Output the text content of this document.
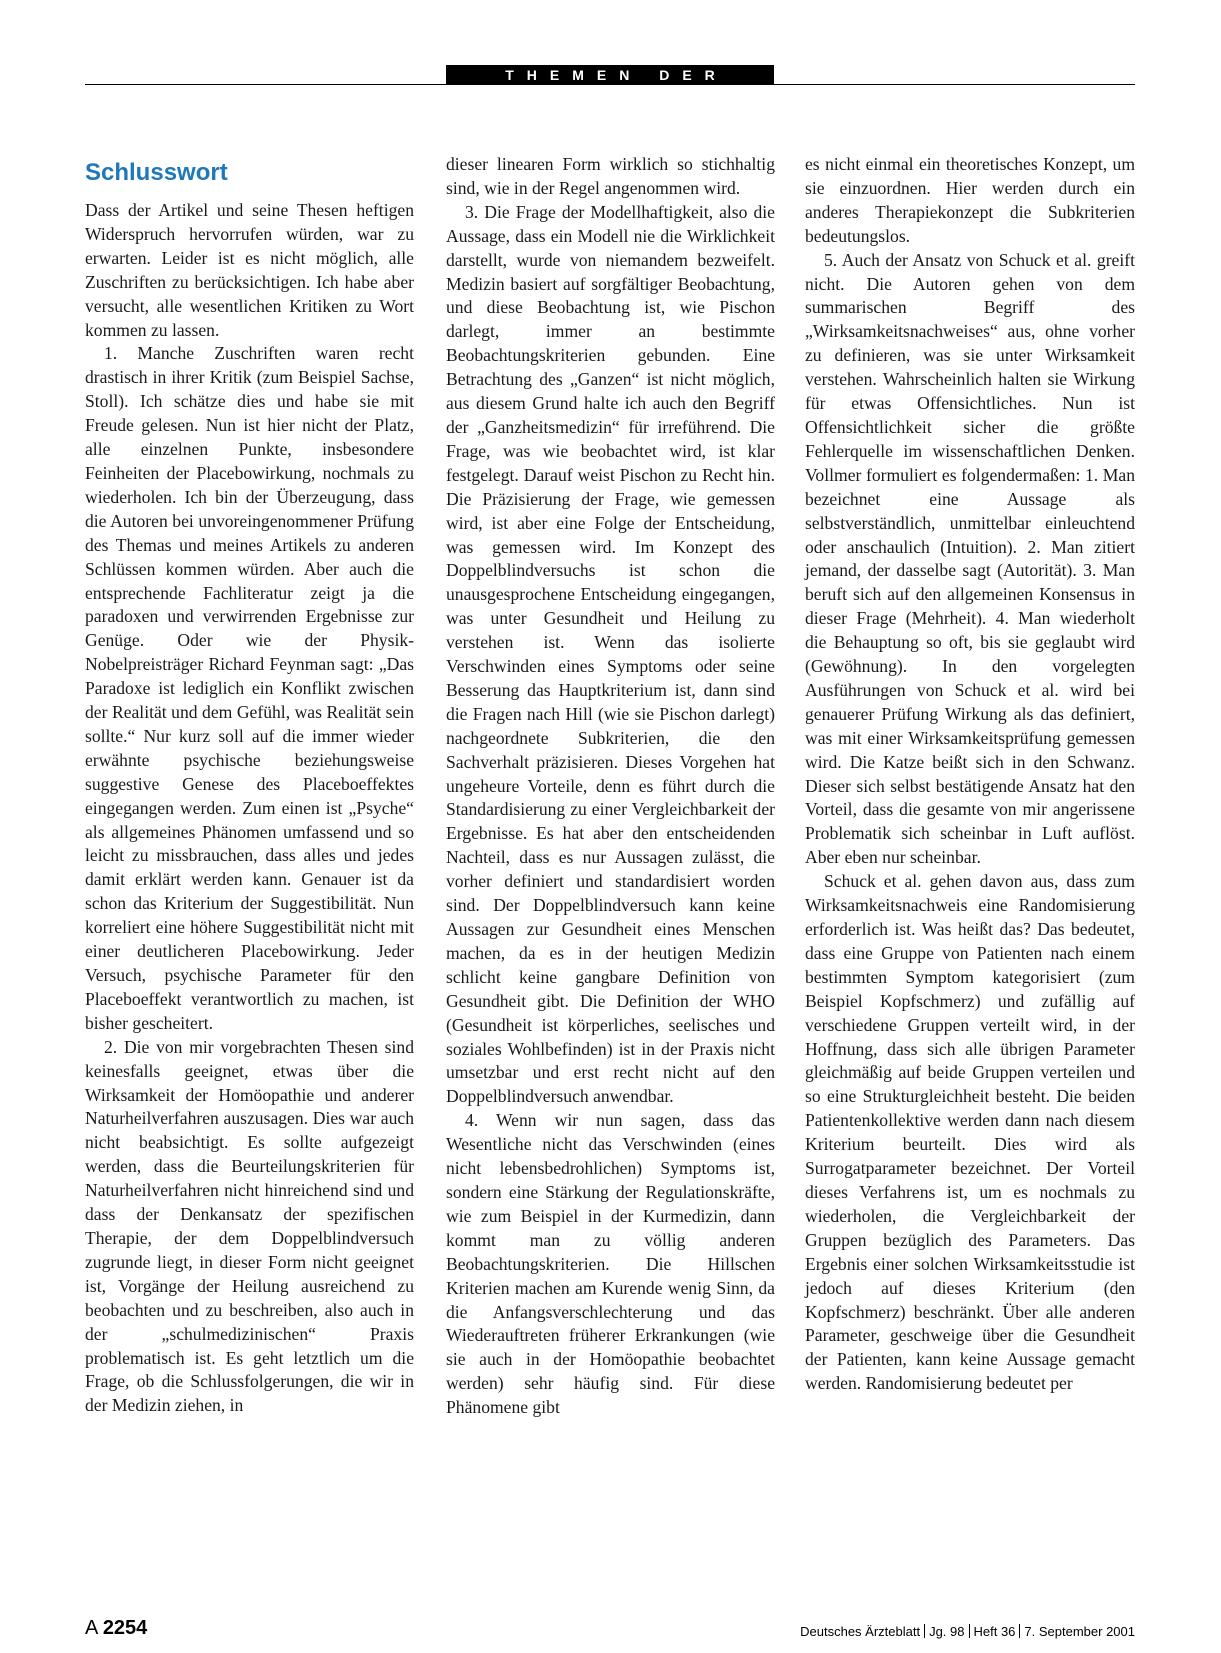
THEMEN DER ZEIT
Schlusswort

Dass der Artikel und seine Thesen heftigen Widerspruch hervorrufen würden, war zu erwarten. Leider ist es nicht möglich, alle Zuschriften zu berücksichtigen. Ich habe aber versucht, alle wesentlichen Kritiken zu Wort kommen zu lassen.

1. Manche Zuschriften waren recht drastisch in ihrer Kritik (zum Beispiel Sachse, Stoll). Ich schätze dies und habe sie mit Freude gelesen. Nun ist hier nicht der Platz, alle einzelnen Punkte, insbesondere Feinheiten der Placebowirkung, nochmals zu wiederholen. Ich bin der Überzeugung, dass die Autoren bei unvoreingenommener Prüfung des Themas und meines Artikels zu anderen Schlüssen kommen würden. Aber auch die entsprechende Fachliteratur zeigt ja die paradoxen und verwirrenden Ergebnisse zur Genüge. Oder wie der Physik-Nobelpreisträger Richard Feynman sagt: „Das Paradoxe ist lediglich ein Konflikt zwischen der Realität und dem Gefühl, was Realität sein sollte.“ Nur kurz soll auf die immer wieder erwähnte psychische beziehungsweise suggestive Genese des Placeboeffektes eingegangen werden. Zum einen ist „Psyche“ als allgemeines Phänomen umfassend und so leicht zu missbrauchen, dass alles und jedes damit erklärt werden kann. Genauer ist da schon das Kriterium der Suggestibilität. Nun korreliert eine höhere Suggestibilität nicht mit einer deutlicheren Placebowirkung. Jeder Versuch, psychische Parameter für den Placeboeffekt verantwortlich zu machen, ist bisher gescheitert.

2. Die von mir vorgebrachten Thesen sind keinesfalls geeignet, etwas über die Wirksamkeit der Homöopathie und anderer Naturheilverfahren auszusagen. Dies war auch nicht beabsichtigt. Es sollte aufgezeigt werden, dass die Beurteilungskriterien für Naturheilverfahren nicht hinreichend sind und dass der Denkansatz der spezifischen Therapie, der dem Doppelblindversuch zugrunde liegt, in dieser Form nicht geeignet ist, Vorgänge der Heilung ausreichend zu beobachten und zu beschreiben, also auch in der „schulmedizinischen“ Praxis problematisch ist. Es geht letztlich um die Frage, ob die Schlussfolgerungen, die wir in der Medizin ziehen, in

dieser linearen Form wirklich so stichhaltig sind, wie in der Regel angenommen wird.

3. Die Frage der Modellhaftigkeit, also die Aussage, dass ein Modell nie die Wirklichkeit darstellt, wurde von niemandem bezweifelt. Medizin basiert auf sorgfältiger Beobachtung, und diese Beobachtung ist, wie Pischon darlegt, immer an bestimmte Beobachtungskriterien gebunden. Eine Betrachtung des „Ganzen“ ist nicht möglich, aus diesem Grund halte ich auch den Begriff der „Ganzheitsmedizin“ für irreführend. Die Frage, was wie beobachtet wird, ist klar festgelegt. Darauf weist Pischon zu Recht hin. Die Präzisierung der Frage, wie gemessen wird, ist aber eine Folge der Entscheidung, was gemessen wird. Im Konzept des Doppelblindversuchs ist schon die unausgesprochene Entscheidung eingegangen, was unter Gesundheit und Heilung zu verstehen ist. Wenn das isolierte Verschwinden eines Symptoms oder seine Besserung das Hauptkriterium ist, dann sind die Fragen nach Hill (wie sie Pischon darlegt) nachgeordnete Subkriterien, die den Sachverhalt präzisieren. Dieses Vorgehen hat ungeheure Vorteile, denn es führt durch die Standardisierung zu einer Vergleichbarkeit der Ergebnisse. Es hat aber den entscheidenden Nachteil, dass es nur Aussagen zulässt, die vorher definiert und standardisiert worden sind. Der Doppelblindversuch kann keine Aussagen zur Gesundheit eines Menschen machen, da es in der heutigen Medizin schlicht keine gangbare Definition von Gesundheit gibt. Die Definition der WHO (Gesundheit ist körperliches, seelisches und soziales Wohlbefinden) ist in der Praxis nicht umsetzbar und erst recht nicht auf den Doppelblindversuch anwendbar.

4. Wenn wir nun sagen, dass das Wesentliche nicht das Verschwinden (eines nicht lebensbedrohlichen) Symptoms ist, sondern eine Stärkung der Regulationskräfte, wie zum Beispiel in der Kurmedizin, dann kommt man zu völlig anderen Beobachtungskriterien. Die Hillschen Kriterien machen am Kurende wenig Sinn, da die Anfangsverschlechterung und das Wiederauftreten früherer Erkrankungen (wie sie auch in der Homöopathie beobachtet werden) sehr häufig sind. Für diese Phänomene gibt

es nicht einmal ein theoretisches Konzept, um sie einzuordnen. Hier werden durch ein anderes Therapiekonzept die Subkriterien bedeutungslos.

5. Auch der Ansatz von Schuck et al. greift nicht. Die Autoren gehen von dem summarischen Begriff des „Wirksamkeitsnachweises“ aus, ohne vorher zu definieren, was sie unter Wirksamkeit verstehen. Wahrscheinlich halten sie Wirkung für etwas Offensichtliches. Nun ist Offensichtlichkeit sicher die größte Fehlerquelle im wissenschaftlichen Denken. Vollmer formuliert es folgendermaßen: 1. Man bezeichnet eine Aussage als selbstverständlich, unmittelbar einleuchtend oder anschaulich (Intuition). 2. Man zitiert jemand, der dasselbe sagt (Autorität). 3. Man beruft sich auf den allgemeinen Konsensus in dieser Frage (Mehrheit). 4. Man wiederholt die Behauptung so oft, bis sie geglaubt wird (Gewöhnung). In den vorgelegten Ausführungen von Schuck et al. wird bei genauerer Prüfung Wirkung als das definiert, was mit einer Wirksamkeitsprüfung gemessen wird. Die Katze beißt sich in den Schwanz. Dieser sich selbst bestätigende Ansatz hat den Vorteil, dass die gesamte von mir angerissene Problematik sich scheinbar in Luft auflöst. Aber eben nur scheinbar.

Schuck et al. gehen davon aus, dass zum Wirksamkeitsnachweis eine Randomisierung erforderlich ist. Was heißt das? Das bedeutet, dass eine Gruppe von Patienten nach einem bestimmten Symptom kategorisiert (zum Beispiel Kopfschmerz) und zufällig auf verschiedene Gruppen verteilt wird, in der Hoffnung, dass sich alle übrigen Parameter gleichmäßig auf beide Gruppen verteilen und so eine Strukturgleichheit besteht. Die beiden Patientenkollektive werden dann nach diesem Kriterium beurteilt. Dies wird als Surrogatparameter bezeichnet. Der Vorteil dieses Verfahrens ist, um es nochmals zu wiederholen, die Vergleichbarkeit der Gruppen bezüglich des Parameters. Das Ergebnis einer solchen Wirksamkeitsstudie ist jedoch auf dieses Kriterium (den Kopfschmerz) beschränkt. Über alle anderen Parameter, geschweige über die Gesundheit der Patienten, kann keine Aussage gemacht werden. Randomisierung bedeutet per

A 2254	Deutsches Ärzteblatt Jg. 98 Heft 36 7. September 2001
